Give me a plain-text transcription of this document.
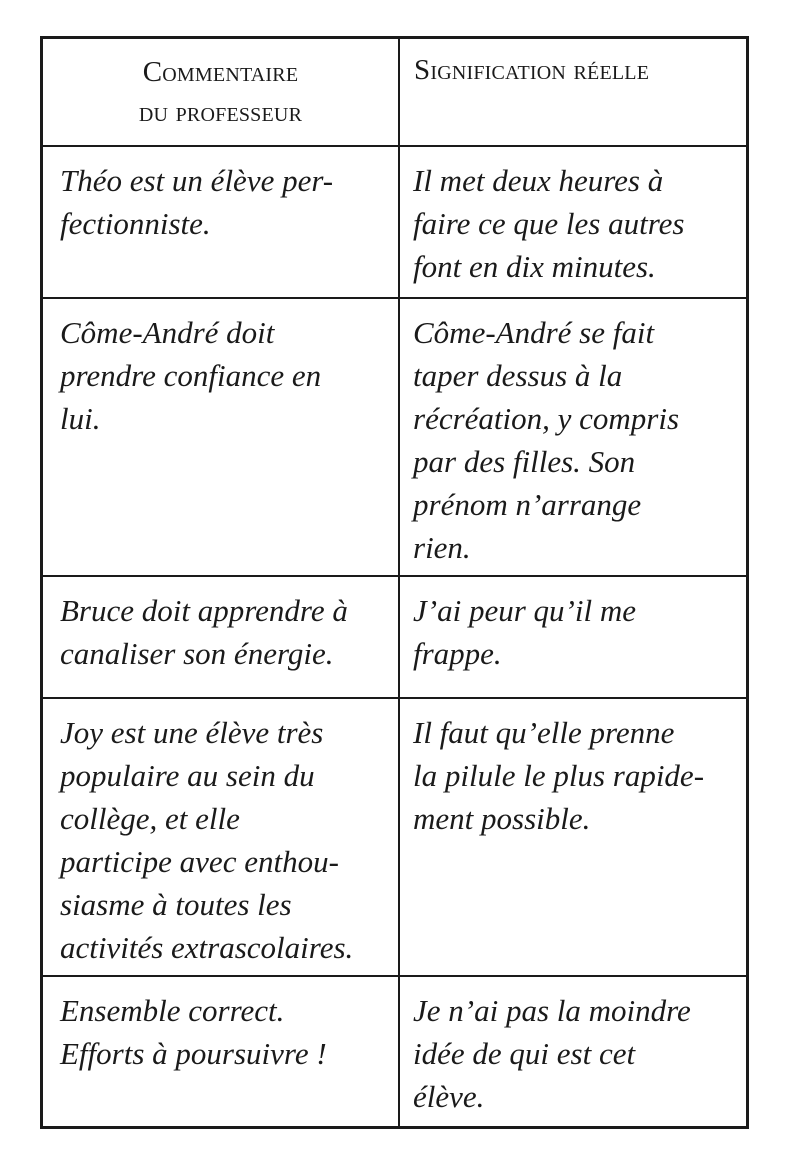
Commentaire
du professeur
Signification réelle
Théo est un élève per-
fectionniste.
Il met deux heures à
faire ce que les autres
font en dix minutes.
Côme-André doit
prendre confiance en
lui.
Côme-André se fait
taper dessus à la
récréation, y compris
par des filles. Son
prénom n’arrange
rien.
Bruce doit apprendre à
canaliser son énergie.
J’ai peur qu’il me
frappe.
Joy est une élève très
populaire au sein du
collège, et elle
participe avec enthou-
siasme à toutes les
activités extrascolaires.
Il faut qu’elle prenne
la pilule le plus rapide-
ment possible.
Ensemble correct.
Efforts à poursuivre !
Je n’ai pas la moindre
idée de qui est cet
élève.
